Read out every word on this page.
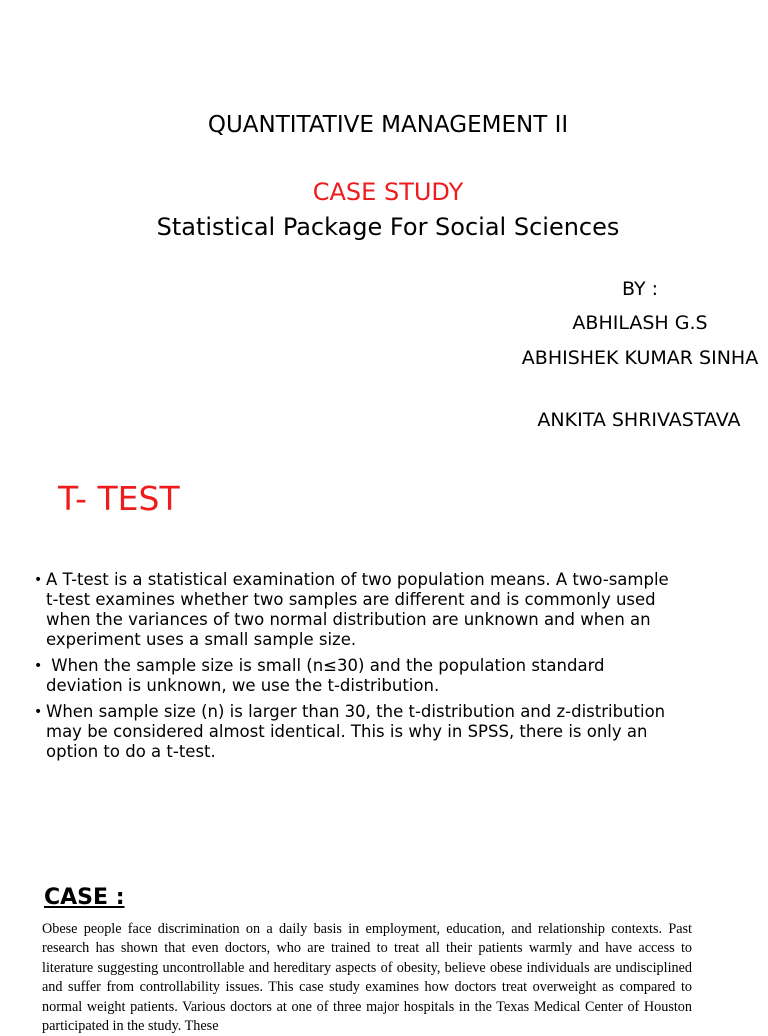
QUANTITATIVE MANAGEMENT II
CASE STUDY
Statistical Package For Social Sciences
BY :
ABHILASH G.S
ABHISHEK KUMAR SINHA
ANKITA SHRIVASTAVA
T- TEST
• A T-test is a statistical examination of two population means. A two-sample t-test examines whether two samples are different and is commonly used when the variances of two normal distribution are unknown and when an experiment uses a small sample size.
• When the sample size is small (n≤30) and the population standard deviation is unknown, we use the t-distribution.
• When sample size (n) is larger than 30, the t-distribution and z-distribution may be considered almost identical. This is why in SPSS, there is only an option to do a t-test.
CASE :

Obese people face discrimination on a daily basis in employment, education, and relationship contexts. Past research has shown that even doctors, who are trained to treat all their patients warmly and have access to literature suggesting uncontrollable and hereditary aspects of obesity, believe obese individuals are undisciplined and suffer from controllability issues. This case study examines how doctors treat overweight as compared to normal weight patients. Various doctors at one of three major hospitals in the Texas Medical Center of Houston participated in the study. These
